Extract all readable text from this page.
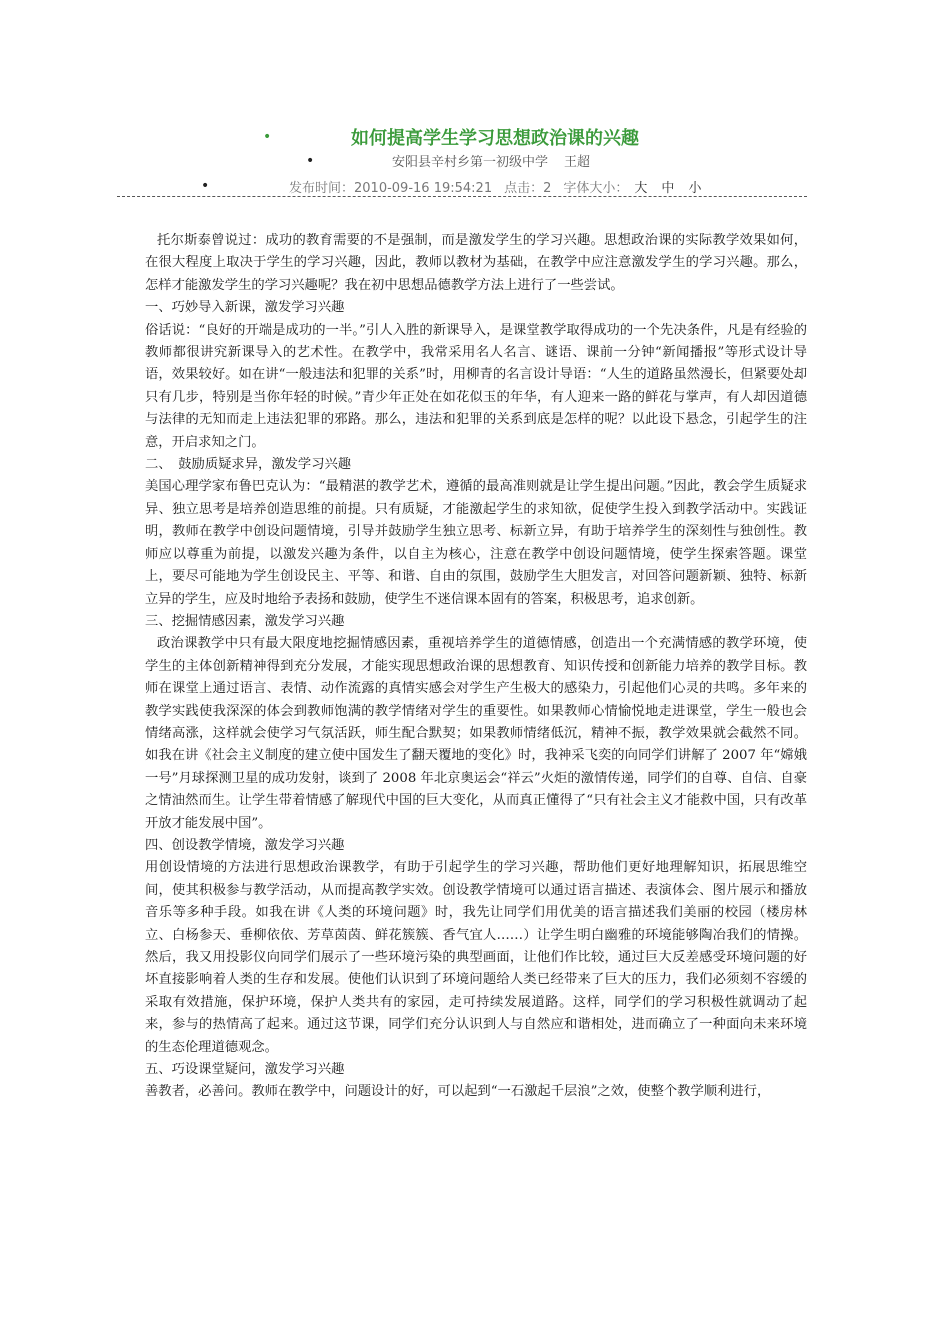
•	如何提高学生学习思想政治课的兴趣
•	安阳县辛村乡第一初级中学 王超
•	发布时间：2010-09-16 19:54:21 点击：2 字体大小： 大 中 小

托尔斯泰曾说过：成功的教育需要的不是强制，而是激发学生的学习兴趣。思想政治课的实际教学效果如何，在很大程度上取决于学生的学习兴趣，因此，教师以教材为基础，在教学中应注意激发学生的学习兴趣。那么，怎样才能激发学生的学习兴趣呢？我在初中思想品德教学方法上进行了一些尝试。

一、巧妙导入新课，激发学习兴趣

俗话说：“良好的开端是成功的一半。”引人入胜的新课导入，是课堂教学取得成功的一个先决条件，凡是有经验的教师都很讲究新课导入的艺术性。在教学中，我常采用名人名言、谜语、课前一分钟“新闻播报”等形式设计导语，效果较好。如在讲“一般违法和犯罪的关系”时，用柳青的名言设计导语：“人生的道路虽然漫长，但紧要处却只有几步，特别是当你年轻的时候。”青少年正处在如花似玉的年华，有人迎来一路的鲜花与掌声，有人却因道德与法律的无知而走上违法犯罪的邪路。那么，违法和犯罪的关系到底是怎样的呢？以此设下悬念，引起学生的注意，开启求知之门。

二、　鼓励质疑求异，激发学习兴趣

美国心理学家布鲁巴克认为：“最精湛的教学艺术，遵循的最高准则就是让学生提出问题。”因此，教会学生质疑求异、独立思考是培养创造思维的前提。只有质疑，才能激起学生的求知欲，促使学生投入到教学活动中。实践证明，教师在教学中创设问题情境，引导并鼓励学生独立思考、标新立异，有助于培养学生的深刻性与独创性。教师应以尊重为前提，以激发兴趣为条件，以自主为核心，注意在教学中创设问题情境，使学生探索答题。课堂上，要尽可能地为学生创设民主、平等、和谐、自由的氛围，鼓励学生大胆发言，对回答问题新颖、独特、标新立异的学生，应及时地给予表扬和鼓励，使学生不迷信课本固有的答案，积极思考，追求创新。

三、挖掘情感因素，激发学习兴趣

政治课教学中只有最大限度地挖掘情感因素，重视培养学生的道德情感，创造出一个充满情感的教学环境，使学生的主体创新精神得到充分发展，才能实现思想政治课的思想教育、知识传授和创新能力培养的教学目标。教师在课堂上通过语言、表情、动作流露的真情实感会对学生产生极大的感染力，引起他们心灵的共鸣。多年来的教学实践使我深深的体会到教师饱满的教学情绪对学生的重要性。如果教师心情愉悦地走进课堂，学生一般也会情绪高涨，这样就会使学习气氛活跃，师生配合默契；如果教师情绪低沉，精神不振，教学效果就会截然不同。如我在讲《社会主义制度的建立使中国发生了翻天覆地的变化》时，我神采飞奕的向同学们讲解了 2007 年“嫦娥一号”月球探测卫星的成功发射，谈到了 2008 年北京奥运会“祥云”火炬的激情传递，同学们的自尊、自信、自豪之情油然而生。让学生带着情感了解现代中国的巨大变化，从而真正懂得了“只有社会主义才能救中国，只有改革开放才能发展中国”。

四、创设教学情境，激发学习兴趣

用创设情境的方法进行思想政治课教学，有助于引起学生的学习兴趣，帮助他们更好地理解知识，拓展思维空间，使其积极参与教学活动，从而提高教学实效。创设教学情境可以通过语言描述、表演体会、图片展示和播放音乐等多种手段。如我在讲《人类的环境问题》时，我先让同学们用优美的语言描述我们美丽的校园（楼房林立、白杨参天、垂柳依依、芳草茵茵、鲜花簇簇、香气宜人……）让学生明白幽雅的环境能够陶冶我们的情操。然后，我又用投影仪向同学们展示了一些环境污染的典型画面，让他们作比较，通过巨大反差感受环境问题的好坏直接影响着人类的生存和发展。使他们认识到了环境问题给人类已经带来了巨大的压力，我们必须刻不容缓的采取有效措施，保护环境，保护人类共有的家园，走可持续发展道路。这样，同学们的学习积极性就调动了起来，参与的热情高了起来。通过这节课，同学们充分认识到人与自然应和谐相处，进而确立了一种面向未来环境的生态伦理道德观念。

五、巧设课堂疑问，激发学习兴趣

善教者，必善问。教师在教学中，问题设计的好，可以起到“一石激起千层浪”之效，使整个教学顺利进行，
